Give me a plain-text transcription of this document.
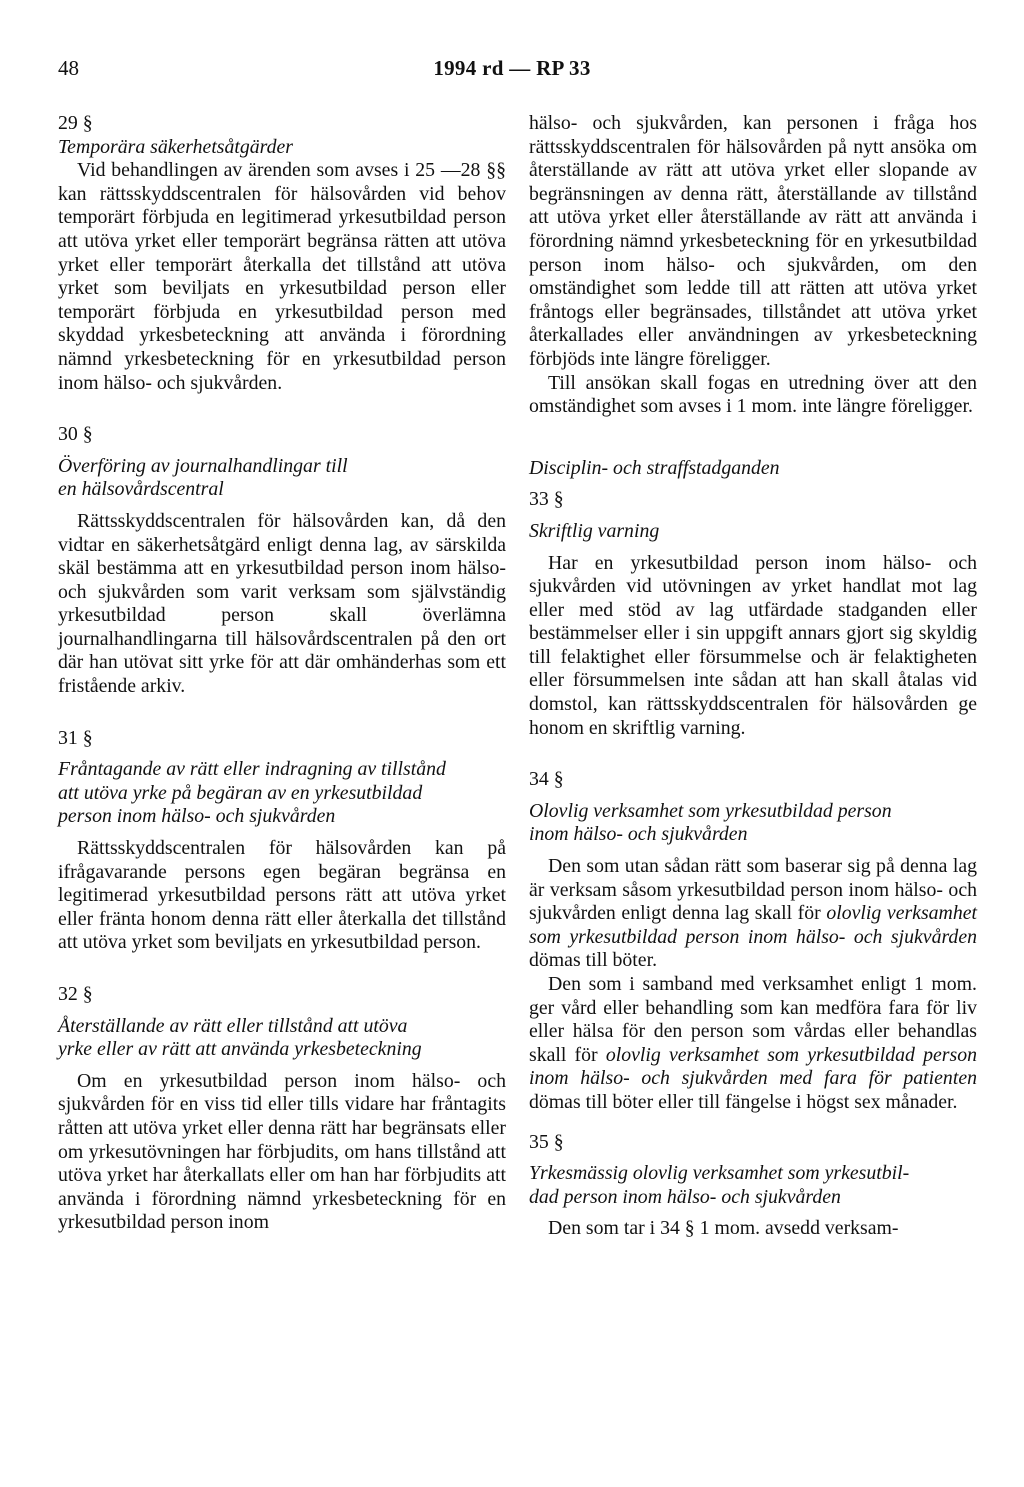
48	1994 rd — RP 33

29 §

Temporära säkerhetsåtgärder

Vid behandlingen av ärenden som avses i 25 —28 §§ kan rättsskyddscentralen för hälsovården vid behov temporärt förbjuda en legitimerad yrkesutbildad person att utöva yrket eller temporärt begränsa rätten att utöva yrket eller temporärt återkalla det tillstånd att utöva yrket som beviljats en yrkesutbildad person eller temporärt förbjuda en yrkesutbildad person med skyddad yrkesbeteckning att använda i förordning nämnd yrkesbeteckning för en yrkesutbildad person inom hälso- och sjukvården.

30 §

Överföring av journalhandlingar till

en hälsovårdscentral

Rättsskyddscentralen för hälsovården kan, då den vidtar en säkerhetsåtgärd enligt denna lag, av särskilda skäl bestämma att en yrkesutbildad person inom hälso- och sjukvården som varit verksam som självständig yrkesutbildad person skall överlämna journalhandlingarna till hälsovårdscentralen på den ort där han utövat sitt yrke för att där omhänderhas som ett fristående arkiv.

31 §

Fråntagande av rätt eller indragning av tillstånd

att utöva yrke på begäran av en yrkesutbildad

person inom hälso- och sjukvården

Rättsskyddscentralen för hälsovården kan på ifrågavarande persons egen begäran begränsa en legitimerad yrkesutbildad persons rätt att utöva yrket eller fränta honom denna rätt eller återkalla det tillstånd att utöva yrket som beviljats en yrkesutbildad person.

32 §

Återställande av rätt eller tillstånd att utöva

yrke eller av rätt att använda yrkesbeteckning

Om en yrkesutbildad person inom hälso- och sjukvården för en viss tid eller tills vidare har fråntagits råtten att utöva yrket eller denna rätt har begränsats eller om yrkesutövningen har förbjudits, om hans tillstånd att utöva yrket har återkallats eller om han har förbjudits att använda i förordning nämnd yrkesbeteckning för en yrkesutbildad person inom

hälso- och sjukvården, kan personen i fråga hos rättsskyddscentralen för hälsovården på nytt ansöka om återställande av rätt att utöva yrket eller slopande av begränsningen av denna rätt, återställande av tillstånd att utöva yrket eller återställande av rätt att använda i förordning nämnd yrkesbeteckning för en yrkesutbildad person inom hälso- och sjukvården, om den omständighet som ledde till att rätten att utöva yrket fråntogs eller begränsades, tillståndet att utöva yrket återkallades eller användningen av yrkesbeteckning förbjöds inte längre föreligger.

Till ansökan skall fogas en utredning över att den omständighet som avses i 1 mom. inte längre föreligger.

Disciplin- och straffstadganden

33 §

Skriftlig varning

Har en yrkesutbildad person inom hälso- och sjukvården vid utövningen av yrket handlat mot lag eller med stöd av lag utfärdade stadganden eller bestämmelser eller i sin uppgift annars gjort sig skyldig till felaktighet eller försummelse och är felaktigheten eller försummelsen inte sådan att han skall åtalas vid domstol, kan rättsskyddscentralen för hälsovården ge honom en skriftlig varning.

34 §

Olovlig verksamhet som yrkesutbildad person

inom hälso- och sjukvården

Den som utan sådan rätt som baserar sig på denna lag är verksam såsom yrkesutbildad person inom hälso- och sjukvården enligt denna lag skall för olovlig verksamhet som yrkesutbildad person inom hälso- och sjukvården dömas till böter.

Den som i samband med verksamhet enligt 1 mom. ger vård eller behandling som kan medföra fara för liv eller hälsa för den person som vårdas eller behandlas skall för olovlig verksamhet som yrkesutbildad person inom hälso- och sjukvården med fara för patienten dömas till böter eller till fängelse i högst sex månader.

35 §

Yrkesmässig olovlig verksamhet som yrkesutbil-

dad person inom hälso- och sjukvården

Den som tar i 34 § 1 mom. avsedd verksam-
